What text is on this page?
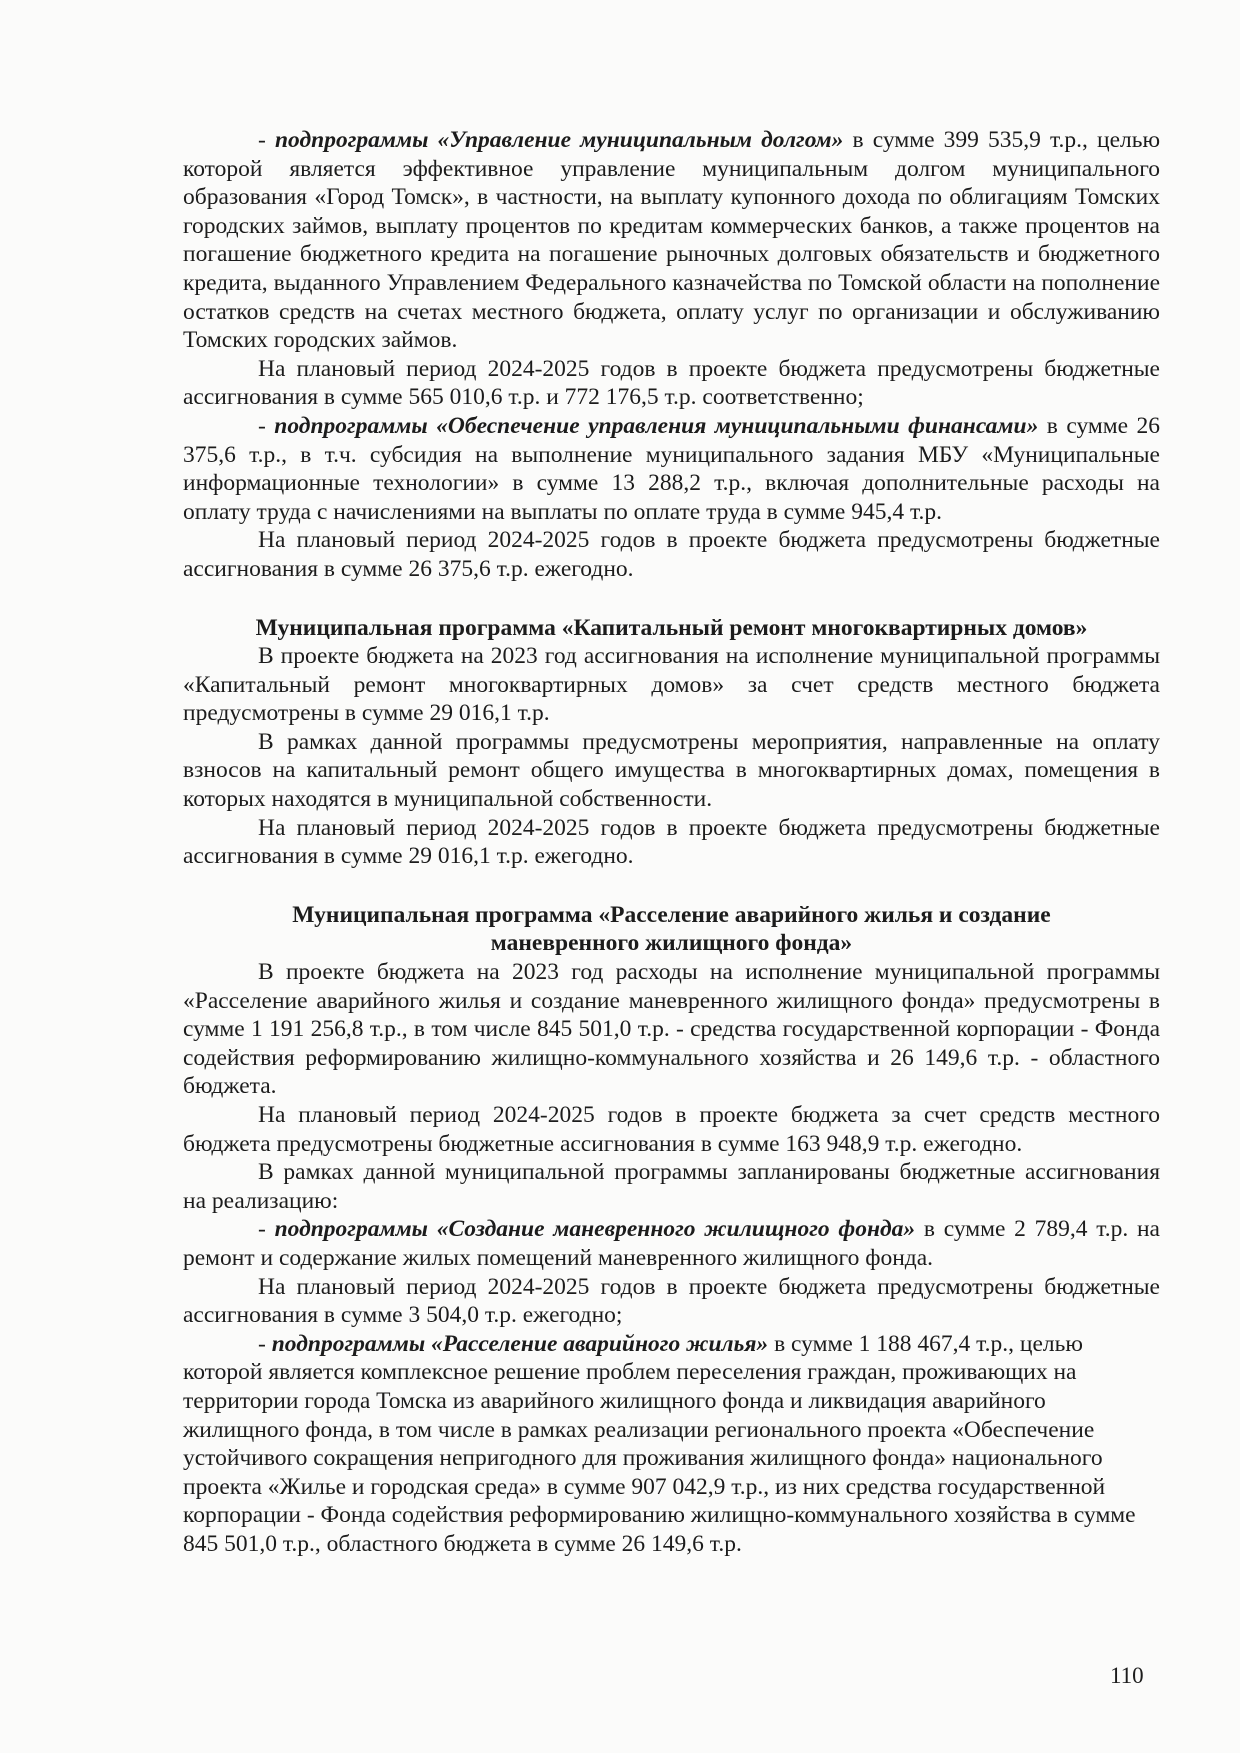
- подпрограммы «Управление муниципальным долгом» в сумме 399 535,9 т.р., целью которой является эффективное управление муниципальным долгом муниципального образования «Город Томск», в частности, на выплату купонного дохода по облигациям Томских городских займов, выплату процентов по кредитам коммерческих банков, а также процентов на погашение бюджетного кредита на погашение рыночных долговых обязательств и бюджетного кредита, выданного Управлением Федерального казначейства по Томской области на пополнение остатков средств на счетах местного бюджета, оплату услуг по организации и обслуживанию Томских городских займов.

На плановый период 2024-2025 годов в проекте бюджета предусмотрены бюджетные ассигнования в сумме 565 010,6 т.р. и 772 176,5 т.р. соответственно;

- подпрограммы «Обеспечение управления муниципальными финансами» в сумме 26 375,6 т.р., в т.ч. субсидия на выполнение муниципального задания МБУ «Муниципальные информационные технологии» в сумме 13 288,2 т.р., включая дополнительные расходы на оплату труда с начислениями на выплаты по оплате труда в сумме 945,4 т.р.

На плановый период 2024-2025 годов в проекте бюджета предусмотрены бюджетные ассигнования в сумме 26 375,6 т.р. ежегодно.

Муниципальная программа «Капитальный ремонт многоквартирных домов»

В проекте бюджета на 2023 год ассигнования на исполнение муниципальной программы «Капитальный ремонт многоквартирных домов» за счет средств местного бюджета предусмотрены в сумме 29 016,1 т.р.

В рамках данной программы предусмотрены мероприятия, направленные на оплату взносов на капитальный ремонт общего имущества в многоквартирных домах, помещения в которых находятся в муниципальной собственности.

На плановый период 2024-2025 годов в проекте бюджета предусмотрены бюджетные ассигнования в сумме 29 016,1 т.р. ежегодно.

Муниципальная программа «Расселение аварийного жилья и создание
маневренного жилищного фонда»

В проекте бюджета на 2023 год расходы на исполнение муниципальной программы «Расселение аварийного жилья и создание маневренного жилищного фонда» предусмотрены в сумме 1 191 256,8 т.р., в том числе 845 501,0 т.р. - средства государственной корпорации - Фонда содействия реформированию жилищно-коммунального хозяйства и 26 149,6 т.р. - областного бюджета.

На плановый период 2024-2025 годов в проекте бюджета за счет средств местного бюджета предусмотрены бюджетные ассигнования в сумме 163 948,9 т.р. ежегодно.

В рамках данной муниципальной программы запланированы бюджетные ассигнования на реализацию:

- подпрограммы «Создание маневренного жилищного фонда» в сумме 2 789,4 т.р. на ремонт и содержание жилых помещений маневренного жилищного фонда.

На плановый период 2024-2025 годов в проекте бюджета предусмотрены бюджетные ассигнования в сумме 3 504,0 т.р. ежегодно;

- подпрограммы «Расселение аварийного жилья» в сумме 1 188 467,4 т.р., целью которой является комплексное решение проблем переселения граждан, проживающих на территории города Томска из аварийного жилищного фонда и ликвидация аварийного жилищного фонда, в том числе в рамках реализации регионального проекта «Обеспечение устойчивого сокращения непригодного для проживания жилищного фонда» национального проекта «Жилье и городская среда» в сумме 907 042,9 т.р., из них средства государственной корпорации - Фонда содействия реформированию жилищно-коммунального хозяйства в сумме 845 501,0 т.р., областного бюджета в сумме 26 149,6 т.р.

110
